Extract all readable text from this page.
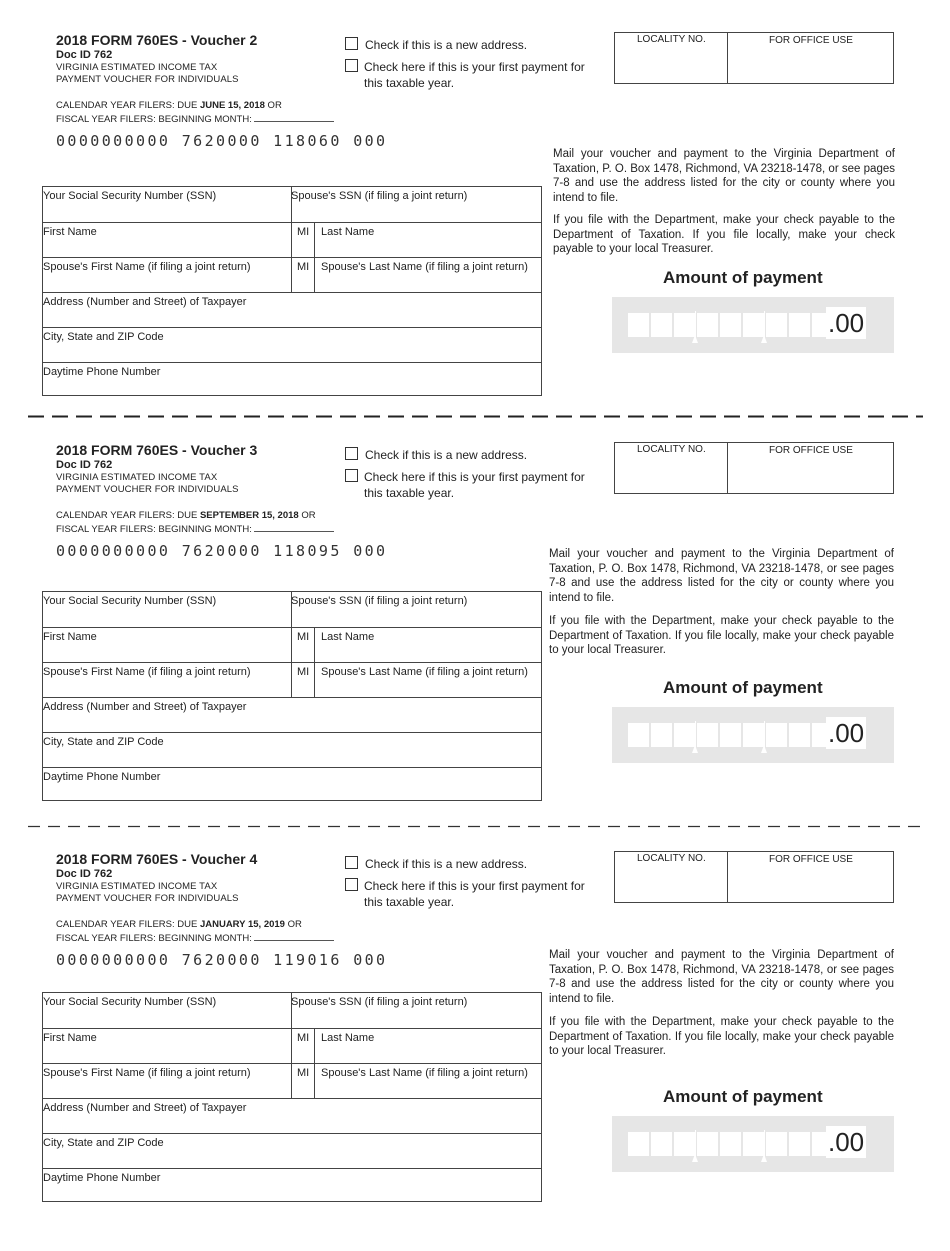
2018 FORM 760ES - Voucher 2
Doc ID 762
VIRGINIA ESTIMATED INCOME TAX
PAYMENT VOUCHER FOR INDIVIDUALS
CALENDAR YEAR FILERS: DUE JUNE 15, 2018 OR
FISCAL YEAR FILERS: BEGINNING MONTH:
0000000000 7620000 118060 000
Check if this is a new address.
Check here if this is your first payment for this taxable year.
LOCALITY NO.	FOR OFFICE USE
Mail your voucher and payment to the Virginia Department of Taxation, P. O. Box 1478, Richmond, VA 23218-1478, or see pages 7-8 and use the address listed for the city or county where you intend to file.
If you file with the Department, make your check payable to the Department of Taxation. If you file locally, make your check payable to your local Treasurer.
Amount of payment
.00
Your Social Security Number (SSN)	Spouse's SSN (if filing a joint return)
First Name	MI Last Name
Spouse's First Name (if filing a joint return)	MI Spouse's Last Name (if filing a joint return)
Address (Number and Street) of Taxpayer
City, State and ZIP Code
Daytime Phone Number
2018 FORM 760ES - Voucher 3
Doc ID 762
VIRGINIA ESTIMATED INCOME TAX
PAYMENT VOUCHER FOR INDIVIDUALS
CALENDAR YEAR FILERS: DUE SEPTEMBER 15, 2018 OR
FISCAL YEAR FILERS: BEGINNING MONTH:
0000000000 7620000 118095 000
Check if this is a new address.
Check here if this is your first payment for this taxable year.
LOCALITY NO.	FOR OFFICE USE
Mail your voucher and payment to the Virginia Department of Taxation, P. O. Box 1478, Richmond, VA 23218-1478, or see pages 7-8 and use the address listed for the city or county where you intend to file.
If you file with the Department, make your check payable to the Department of Taxation. If you file locally, make your check payable to your local Treasurer.
Amount of payment
.00
Your Social Security Number (SSN)	Spouse's SSN (if filing a joint return)
First Name	MI Last Name
Spouse's First Name (if filing a joint return)	MI Spouse's Last Name (if filing a joint return)
Address (Number and Street) of Taxpayer
City, State and ZIP Code
Daytime Phone Number
2018 FORM 760ES - Voucher 4
Doc ID 762
VIRGINIA ESTIMATED INCOME TAX
PAYMENT VOUCHER FOR INDIVIDUALS
CALENDAR YEAR FILERS: DUE JANUARY 15, 2019 OR
FISCAL YEAR FILERS: BEGINNING MONTH:
0000000000 7620000 119016 000
Check if this is a new address.
Check here if this is your first payment for this taxable year.
LOCALITY NO.	FOR OFFICE USE
Mail your voucher and payment to the Virginia Department of Taxation, P. O. Box 1478, Richmond, VA 23218-1478, or see pages 7-8 and use the address listed for the city or county where you intend to file.
If you file with the Department, make your check payable to the Department of Taxation. If you file locally, make your check payable to your local Treasurer.
Amount of payment
.00
Your Social Security Number (SSN)	Spouse's SSN (if filing a joint return)
First Name	MI Last Name
Spouse's First Name (if filing a joint return)	MI Spouse's Last Name (if filing a joint return)
Address (Number and Street) of Taxpayer
City, State and ZIP Code
Daytime Phone Number
